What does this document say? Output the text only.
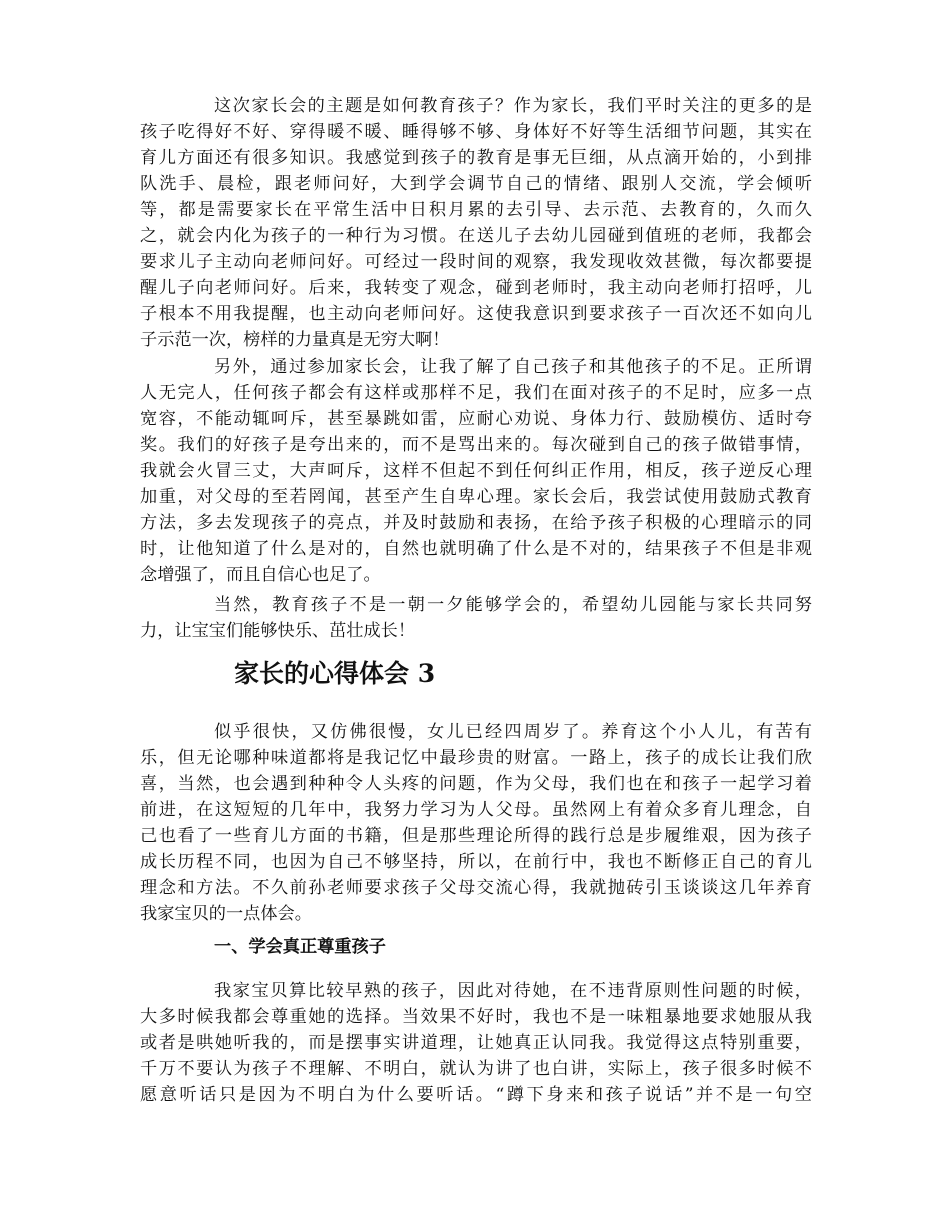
这次家长会的主题是如何教育孩子？作为家长，我们平时关注的更多的是
孩子吃得好不好、穿得暖不暖、睡得够不够、身体好不好等生活细节问题，其实在
育儿方面还有很多知识。我感觉到孩子的教育是事无巨细，从点滴开始的，小到排
队洗手、晨检，跟老师问好，大到学会调节自己的情绪、跟别人交流，学会倾听
等，都是需要家长在平常生活中日积月累的去引导、去示范、去教育的，久而久
之，就会内化为孩子的一种行为习惯。在送儿子去幼儿园碰到值班的老师，我都会
要求儿子主动向老师问好。可经过一段时间的观察，我发现收效甚微，每次都要提
醒儿子向老师问好。后来，我转变了观念，碰到老师时，我主动向老师打招呼，儿
子根本不用我提醒，也主动向老师问好。这使我意识到要求孩子一百次还不如向儿
子示范一次，榜样的力量真是无穷大啊！
另外，通过参加家长会，让我了解了自己孩子和其他孩子的不足。正所谓
人无完人，任何孩子都会有这样或那样不足，我们在面对孩子的不足时，应多一点
宽容，不能动辄呵斥，甚至暴跳如雷，应耐心劝说、身体力行、鼓励模仿、适时夸
奖。我们的好孩子是夸出来的，而不是骂出来的。每次碰到自己的孩子做错事情，
我就会火冒三丈，大声呵斥，这样不但起不到任何纠正作用，相反，孩子逆反心理
加重，对父母的至若罔闻，甚至产生自卑心理。家长会后，我尝试使用鼓励式教育
方法，多去发现孩子的亮点，并及时鼓励和表扬，在给予孩子积极的心理暗示的同
时，让他知道了什么是对的，自然也就明确了什么是不对的，结果孩子不但是非观
念增强了，而且自信心也足了。
当然，教育孩子不是一朝一夕能够学会的，希望幼儿园能与家长共同努
力，让宝宝们能够快乐、茁壮成长！
家长的心得体会 3
似乎很快，又仿佛很慢，女儿已经四周岁了。养育这个小人儿，有苦有
乐，但无论哪种味道都将是我记忆中最珍贵的财富。一路上，孩子的成长让我们欣
喜，当然，也会遇到种种令人头疼的问题，作为父母，我们也在和孩子一起学习着
前进，在这短短的几年中，我努力学习为人父母。虽然网上有着众多育儿理念，自
己也看了一些育儿方面的书籍，但是那些理论所得的践行总是步履维艰，因为孩子
成长历程不同，也因为自己不够坚持，所以，在前行中，我也不断修正自己的育儿
理念和方法。不久前孙老师要求孩子父母交流心得，我就抛砖引玉谈谈这几年养育
我家宝贝的一点体会。
一、学会真正尊重孩子
我家宝贝算比较早熟的孩子，因此对待她，在不违背原则性问题的时候，
大多时候我都会尊重她的选择。当效果不好时，我也不是一味粗暴地要求她服从我
或者是哄她听我的，而是摆事实讲道理，让她真正认同我。我觉得这点特别重要，
千万不要认为孩子不理解、不明白，就认为讲了也白讲，实际上，孩子很多时候不
愿意听话只是因为不明白为什么要听话。“蹲下身来和孩子说话”并不是一句空
